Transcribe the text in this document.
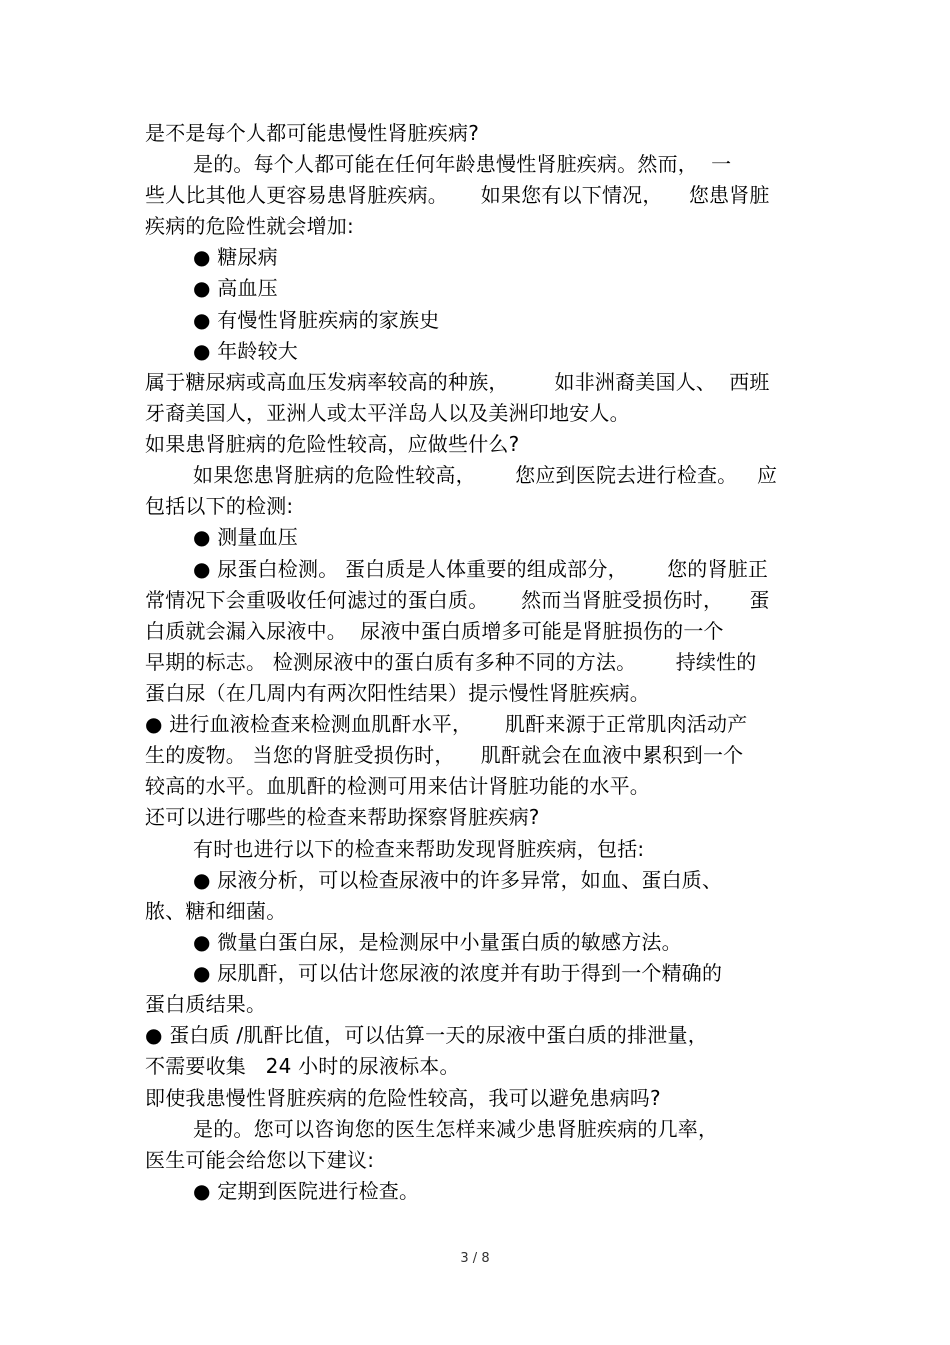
是不是每个人都可能患慢性肾脏疾病?
是的。每个人都可能在任何年龄患慢性肾脏疾病。然而，  一
些人比其他人更容易患肾脏疾病。     如果您有以下情况，    您患肾脏
疾病的危险性就会增加:
● 糖尿病
● 高血压
● 有慢性肾脏疾病的家族史
● 年龄较大
属于糖尿病或高血压发病率较高的种族，       如非洲裔美国人、  西班
牙裔美国人，亚洲人或太平洋岛人以及美洲印地安人。
如果患肾脏病的危险性较高，应做些什么?
如果您患肾脏病的危险性较高，      您应到医院去进行检查。   应
包括以下的检测:
● 测量血压
● 尿蛋白检测。 蛋白质是人体重要的组成部分，      您的肾脏正
常情况下会重吸收任何滤过的蛋白质。     然而当肾脏受损伤时，    蛋
白质就会漏入尿液中。  尿液中蛋白质增多可能是肾脏损伤的一个
早期的标志。 检测尿液中的蛋白质有多种不同的方法。      持续性的
蛋白尿（在几周内有两次阳性结果）提示慢性肾脏疾病。
● 进行血液检查来检测血肌酐水平，     肌酐来源于正常肌肉活动产
生的废物。 当您的肾脏受损伤时，    肌酐就会在血液中累积到一个
较高的水平。血肌酐的检测可用来估计肾脏功能的水平。
还可以进行哪些的检查来帮助探察肾脏疾病?
有时也进行以下的检查来帮助发现肾脏疾病，包括:
● 尿液分析，可以检查尿液中的许多异常，如血、蛋白质、
脓、糖和细菌。
● 微量白蛋白尿，是检测尿中小量蛋白质的敏感方法。
● 尿肌酐，可以估计您尿液的浓度并有助于得到一个精确的
蛋白质结果。
● 蛋白质 /肌酐比值，可以估算一天的尿液中蛋白质的排泄量，
不需要收集   24 小时的尿液标本。
即使我患慢性肾脏疾病的危险性较高，我可以避免患病吗?
是的。您可以咨询您的医生怎样来减少患肾脏疾病的几率，
医生可能会给您以下建议:
● 定期到医院进行检查。
3 / 8
